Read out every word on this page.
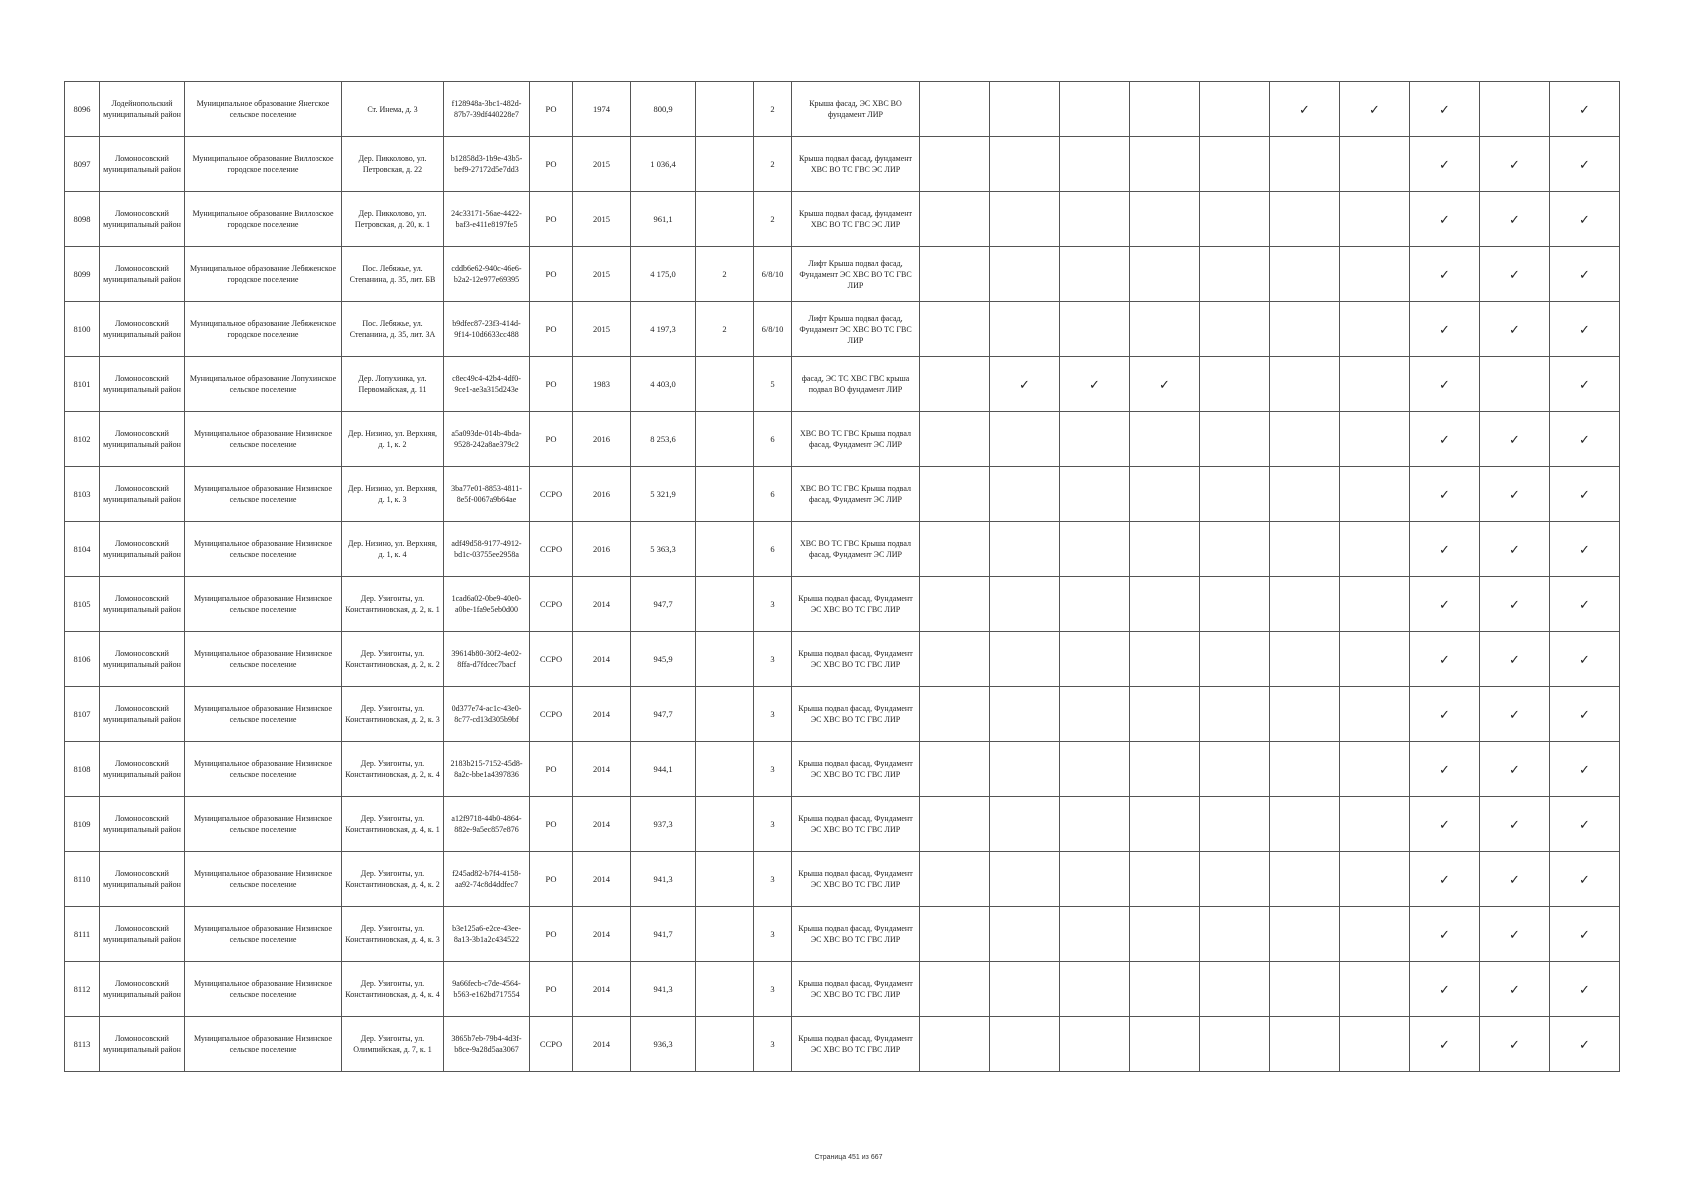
8096	Лодейнопольский муниципальный район	Муниципальное образование Янегское сельское поселение	Ст. Инема, д. 3	f128948a-3bc1-482d-87b7-39df440228e7	РО	1974	800,9		2	Крыша фасад, ЭС ХВС ВО фундамент ЛИР						✓	✓	✓		✓
8097	Ломоносовский муниципальный район	Муниципальное образование Виллозское городское поселение	Дер. Пикколово, ул. Петровская, д. 22	b12858d3-1b9e-43b5-bef9-27172d5e7dd3	РО	2015	1 036,4		2	Крыша подвал фасад, фундамент ХВС ВО ТС ГВС ЭС ЛИР								✓	✓	✓
8098	Ломоносовский муниципальный район	Муниципальное образование Виллозское городское поселение	Дер. Пикколово, ул. Петровская, д. 20, к. 1	24c33171-56ae-4422-baf3-e411e8197fe5	РО	2015	961,1		2	Крыша подвал фасад, фундамент ХВС ВО ТС ГВС ЭС ЛИР								✓	✓	✓
8099	Ломоносовский муниципальный район	Муниципальное образование Лебяженское городское поселение	Пос. Лебяжье, ул. Степанина, д. 35, лит. БВ	cddb6e62-940c-46e6-b2a2-12e977e69395	РО	2015	4 175,0	2	6/8/10	Лифт Крыша подвал фасад, Фундамент ЭС ХВС ВО ТС ГВС ЛИР								✓	✓	✓
8100	Ломоносовский муниципальный район	Муниципальное образование Лебяженское городское поселение	Пос. Лебяжье, ул. Степанина, д. 35, лит. ЗА	b9dfec87-23f3-414d-9f14-10d6633cc488	РО	2015	4 197,3	2	6/8/10	Лифт Крыша подвал фасад, Фундамент ЭС ХВС ВО ТС ГВС ЛИР								✓	✓	✓
8101	Ломоносовский муниципальный район	Муниципальное образование Лопухинское сельское поселение	Дер. Лопухинка, ул. Первомайская, д. 11	c8ec49c4-42b4-4df0-9ce1-ae3a315d243e	РО	1983	4 403,0		5	фасад, ЭС ТС ХВС ГВС крыша подвал ВО фундамент ЛИР		✓	✓	✓				✓		✓
8102	Ломоносовский муниципальный район	Муниципальное образование Низинское сельское поселение	Дер. Низино, ул. Верхняя, д. 1, к. 2	a5a093de-014b-4bda-9528-242a8ae379c2	РО	2016	8 253,6		6	ХВС ВО ТС ГВС Крыша подвал фасад, Фундамент ЭС ЛИР								✓	✓	✓
8103	Ломоносовский муниципальный район	Муниципальное образование Низинское сельское поселение	Дер. Низино, ул. Верхняя, д. 1, к. 3	3ba77e01-8853-4811-8e5f-0067a9b64ae	ССРО	2016	5 321,9		6	ХВС ВО ТС ГВС Крыша подвал фасад, Фундамент ЭС ЛИР								✓	✓	✓
8104	Ломоносовский муниципальный район	Муниципальное образование Низинское сельское поселение	Дер. Низино, ул. Верхняя, д. 1, к. 4	adf49d58-9177-4912-bd1c-03755ee2958a	ССРО	2016	5 363,3		6	ХВС ВО ТС ГВС Крыша подвал фасад, Фундамент ЭС ЛИР								✓	✓	✓
8105	Ломоносовский муниципальный район	Муниципальное образование Низинское сельское поселение	Дер. Узигонты, ул. Константиновская, д. 2, к. 1	1cad6a02-0be9-40e0-a0be-1fa9e5eb0d00	ССРО	2014	947,7		3	Крыша подвал фасад, Фундамент ЭС ХВС ВО ТС ГВС ЛИР								✓	✓	✓
8106	Ломоносовский муниципальный район	Муниципальное образование Низинское сельское поселение	Дер. Узигонты, ул. Константиновская, д. 2, к. 2	39614b80-30f2-4e02-8ffa-d7fdcec7bacf	ССРО	2014	945,9		3	Крыша подвал фасад, Фундамент ЭС ХВС ВО ТС ГВС ЛИР								✓	✓	✓
8107	Ломоносовский муниципальный район	Муниципальное образование Низинское сельское поселение	Дер. Узигонты, ул. Константиновская, д. 2, к. 3	0d377e74-ac1c-43e0-8c77-cd13d305b9bf	ССРО	2014	947,7		3	Крыша подвал фасад, Фундамент ЭС ХВС ВО ТС ГВС ЛИР								✓	✓	✓
8108	Ломоносовский муниципальный район	Муниципальное образование Низинское сельское поселение	Дер. Узигонты, ул. Константиновская, д. 2, к. 4	2183b215-7152-45d8-8a2c-bbe1a4397836	РО	2014	944,1		3	Крыша подвал фасад, Фундамент ЭС ХВС ВО ТС ГВС ЛИР								✓	✓	✓
8109	Ломоносовский муниципальный район	Муниципальное образование Низинское сельское поселение	Дер. Узигонты, ул. Константиновская, д. 4, к. 1	a12f9718-44b0-4864-882e-9a5ec857e876	РО	2014	937,3		3	Крыша подвал фасад, Фундамент ЭС ХВС ВО ТС ГВС ЛИР								✓	✓	✓
8110	Ломоносовский муниципальный район	Муниципальное образование Низинское сельское поселение	Дер. Узигонты, ул. Константиновская, д. 4, к. 2	f245ad82-b7f4-4158-aa92-74c8d4ddfec7	РО	2014	941,3		3	Крыша подвал фасад, Фундамент ЭС ХВС ВО ТС ГВС ЛИР								✓	✓	✓
8111	Ломоносовский муниципальный район	Муниципальное образование Низинское сельское поселение	Дер. Узигонты, ул. Константиновская, д. 4, к. 3	b3e125a6-e2ce-43ee-8a13-3b1a2c434522	РО	2014	941,7		3	Крыша подвал фасад, Фундамент ЭС ХВС ВО ТС ГВС ЛИР								✓	✓	✓
8112	Ломоносовский муниципальный район	Муниципальное образование Низинское сельское поселение	Дер. Узигонты, ул. Константиновская, д. 4, к. 4	9a66fecb-c7de-4564-b563-e162bd717554	РО	2014	941,3		3	Крыша подвал фасад, Фундамент ЭС ХВС ВО ТС ГВС ЛИР								✓	✓	✓
8113	Ломоносовский муниципальный район	Муниципальное образование Низинское сельское поселение	Дер. Узигонты, ул. Олимпийская, д. 7, к. 1	3865b7eb-79b4-4d3f-b8ce-9a28d5aa3067	ССРО	2014	936,3		3	Крыша подвал фасад, Фундамент ЭС ХВС ВО ТС ГВС ЛИР								✓	✓	✓
Страница 451 из 667
